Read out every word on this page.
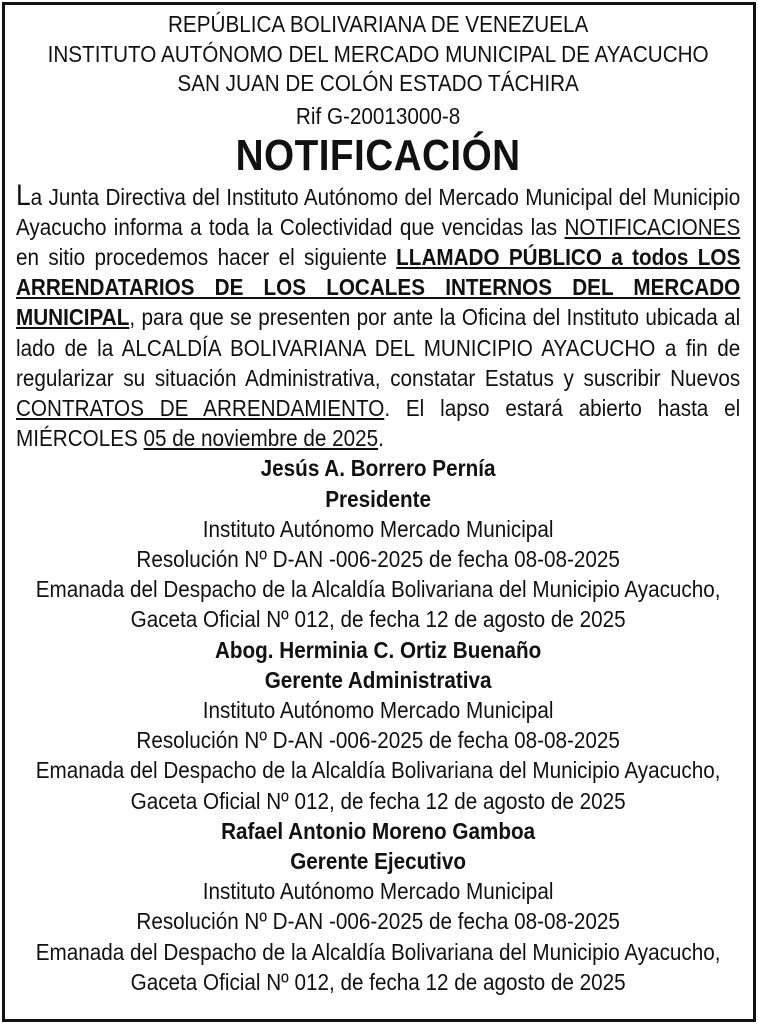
REPÚBLICA BOLIVARIANA DE VENEZUELA
INSTITUTO AUTÓNOMO DEL MERCADO MUNICIPAL DE AYACUCHO
SAN JUAN DE COLÓN ESTADO TÁCHIRA
Rif G-20013000-8
NOTIFICACIÓN
La Junta Directiva del Instituto Autónomo del Mercado Municipal del Municipio Ayacucho informa a toda la Colectividad que vencidas las NOTIFICACIONES en sitio procedemos hacer el siguiente LLAMADO PÚBLICO a todos LOS ARRENDATARIOS DE LOS LOCALES INTERNOS DEL MERCADO MUNICIPAL, para que se presenten por ante la Oficina del Instituto ubicada al lado de la ALCALDÍA BOLIVARIANA DEL MUNICIPIO AYACUCHO a fin de regularizar su situación Administrativa, constatar Estatus y suscribir Nuevos CONTRATOS DE ARRENDAMIENTO. El lapso estará abierto hasta el MIÉRCOLES 05 de noviembre de 2025.
Jesús A. Borrero Pernía
Presidente
Instituto Autónomo Mercado Municipal
Resolución Nº D-AN -006-2025 de fecha 08-08-2025
Emanada del Despacho de la Alcaldía Bolivariana del Municipio Ayacucho,
Gaceta Oficial Nº 012, de fecha 12 de agosto de 2025
Abog. Herminia C. Ortiz Buenaño
Gerente Administrativa
Instituto Autónomo Mercado Municipal
Resolución Nº D-AN -006-2025 de fecha 08-08-2025
Emanada del Despacho de la Alcaldía Bolivariana del Municipio Ayacucho,
Gaceta Oficial Nº 012, de fecha 12 de agosto de 2025
Rafael Antonio Moreno Gamboa
Gerente Ejecutivo
Instituto Autónomo Mercado Municipal
Resolución Nº D-AN -006-2025 de fecha 08-08-2025
Emanada del Despacho de la Alcaldía Bolivariana del Municipio Ayacucho,
Gaceta Oficial Nº 012, de fecha 12 de agosto de 2025
